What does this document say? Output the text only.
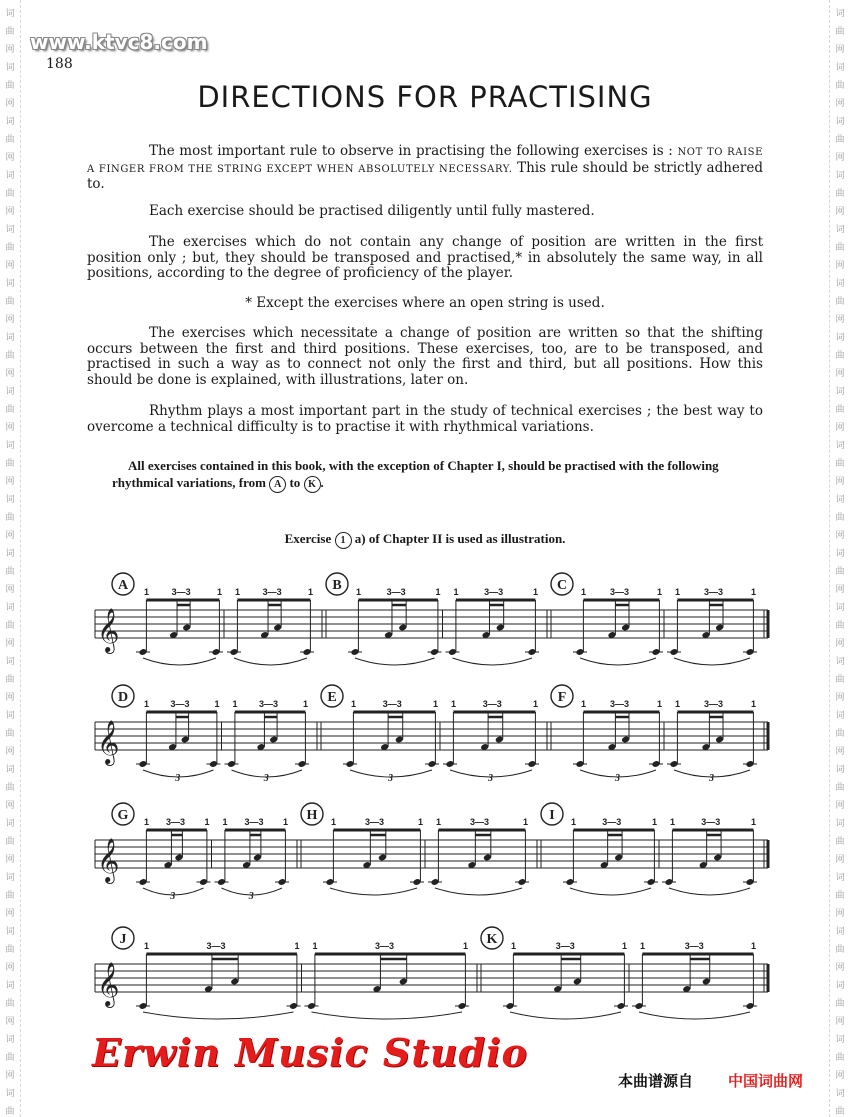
词
曲
网
词
曲
网
词
曲
网
词
曲
网
词
曲
网
词
曲
网
词
曲
网
词
曲
网
词
曲
网
词
曲
网
词
曲
网
词
曲
网
词
曲
网
词
曲
网
词
曲
网
词
曲
网
词
曲
网
词
曲
网
词
曲
网
词
曲
网
词
曲
词
曲
网
词
曲
网
词
曲
网
词
曲
网
词
曲
网
词
曲
网
词
曲
网
词
曲
网
词
曲
网
词
曲
网
词
曲
网
词
曲
网
词
曲
网
词
曲
网
词
曲
网
词
曲
网
词
曲
网
词
曲
网
词
曲
网
词
曲
网
词
曲
www.ktvc8.com
188
DIRECTIONS FOR PRACTISING
The most important rule to observe in practising the following exercises is : NOT TO RAISE A FINGER FROM THE STRING EXCEPT WHEN ABSOLUTELY NECESSARY. This rule should be strictly adhered to.
Each exercise should be practised diligently until fully mastered.
The exercises which do not contain any change of position are written in the first position only ; but, they should be transposed and practised,* in absolutely the same way, in all positions, according to the degree of proficiency of the player.
* Except the exercises where an open string is used.
The exercises which necessitate a change of position are written so that the shifting occurs between the first and third positions. These exercises, too, are to be transposed, and practised in such a way as to connect not only the first and third, but all positions. How this should be done is explained, with illustrations, later on.
Rhythm plays a most important part in the study of technical exercises ; the best way to overcome a technical difficulty is to practise it with rhythmical variations.
All exercises contained in this book, with the exception of Chapter I, should be practised with the following rhythmical variations, from A to K .
Exercise 1 a) of Chapter II is used as illustration.
𝄞
A 1	3—3	1 1	3—3	1 B 1	3—3	1 1	3—3	1 C 1	3—3	1 1	3—3	1
𝄞
D 1 3—3	1
3
1 3—3	1
3
E 1	3—3	1
3
1	3—3	1
3
F 1	3—3	1
3
1	3—3	1
3
𝄞
G 1 3—3 1
3
1 3—3 1
3
H 1	3—3	1 1	3—3	1 I 1	3—3	1 1	3—3	1
𝄞
J 1	3—3	1 1	3—3	1 K 1	3—3	1 1	3—3	1
Erwin Music Studio
本曲谱源自 中国词曲网
